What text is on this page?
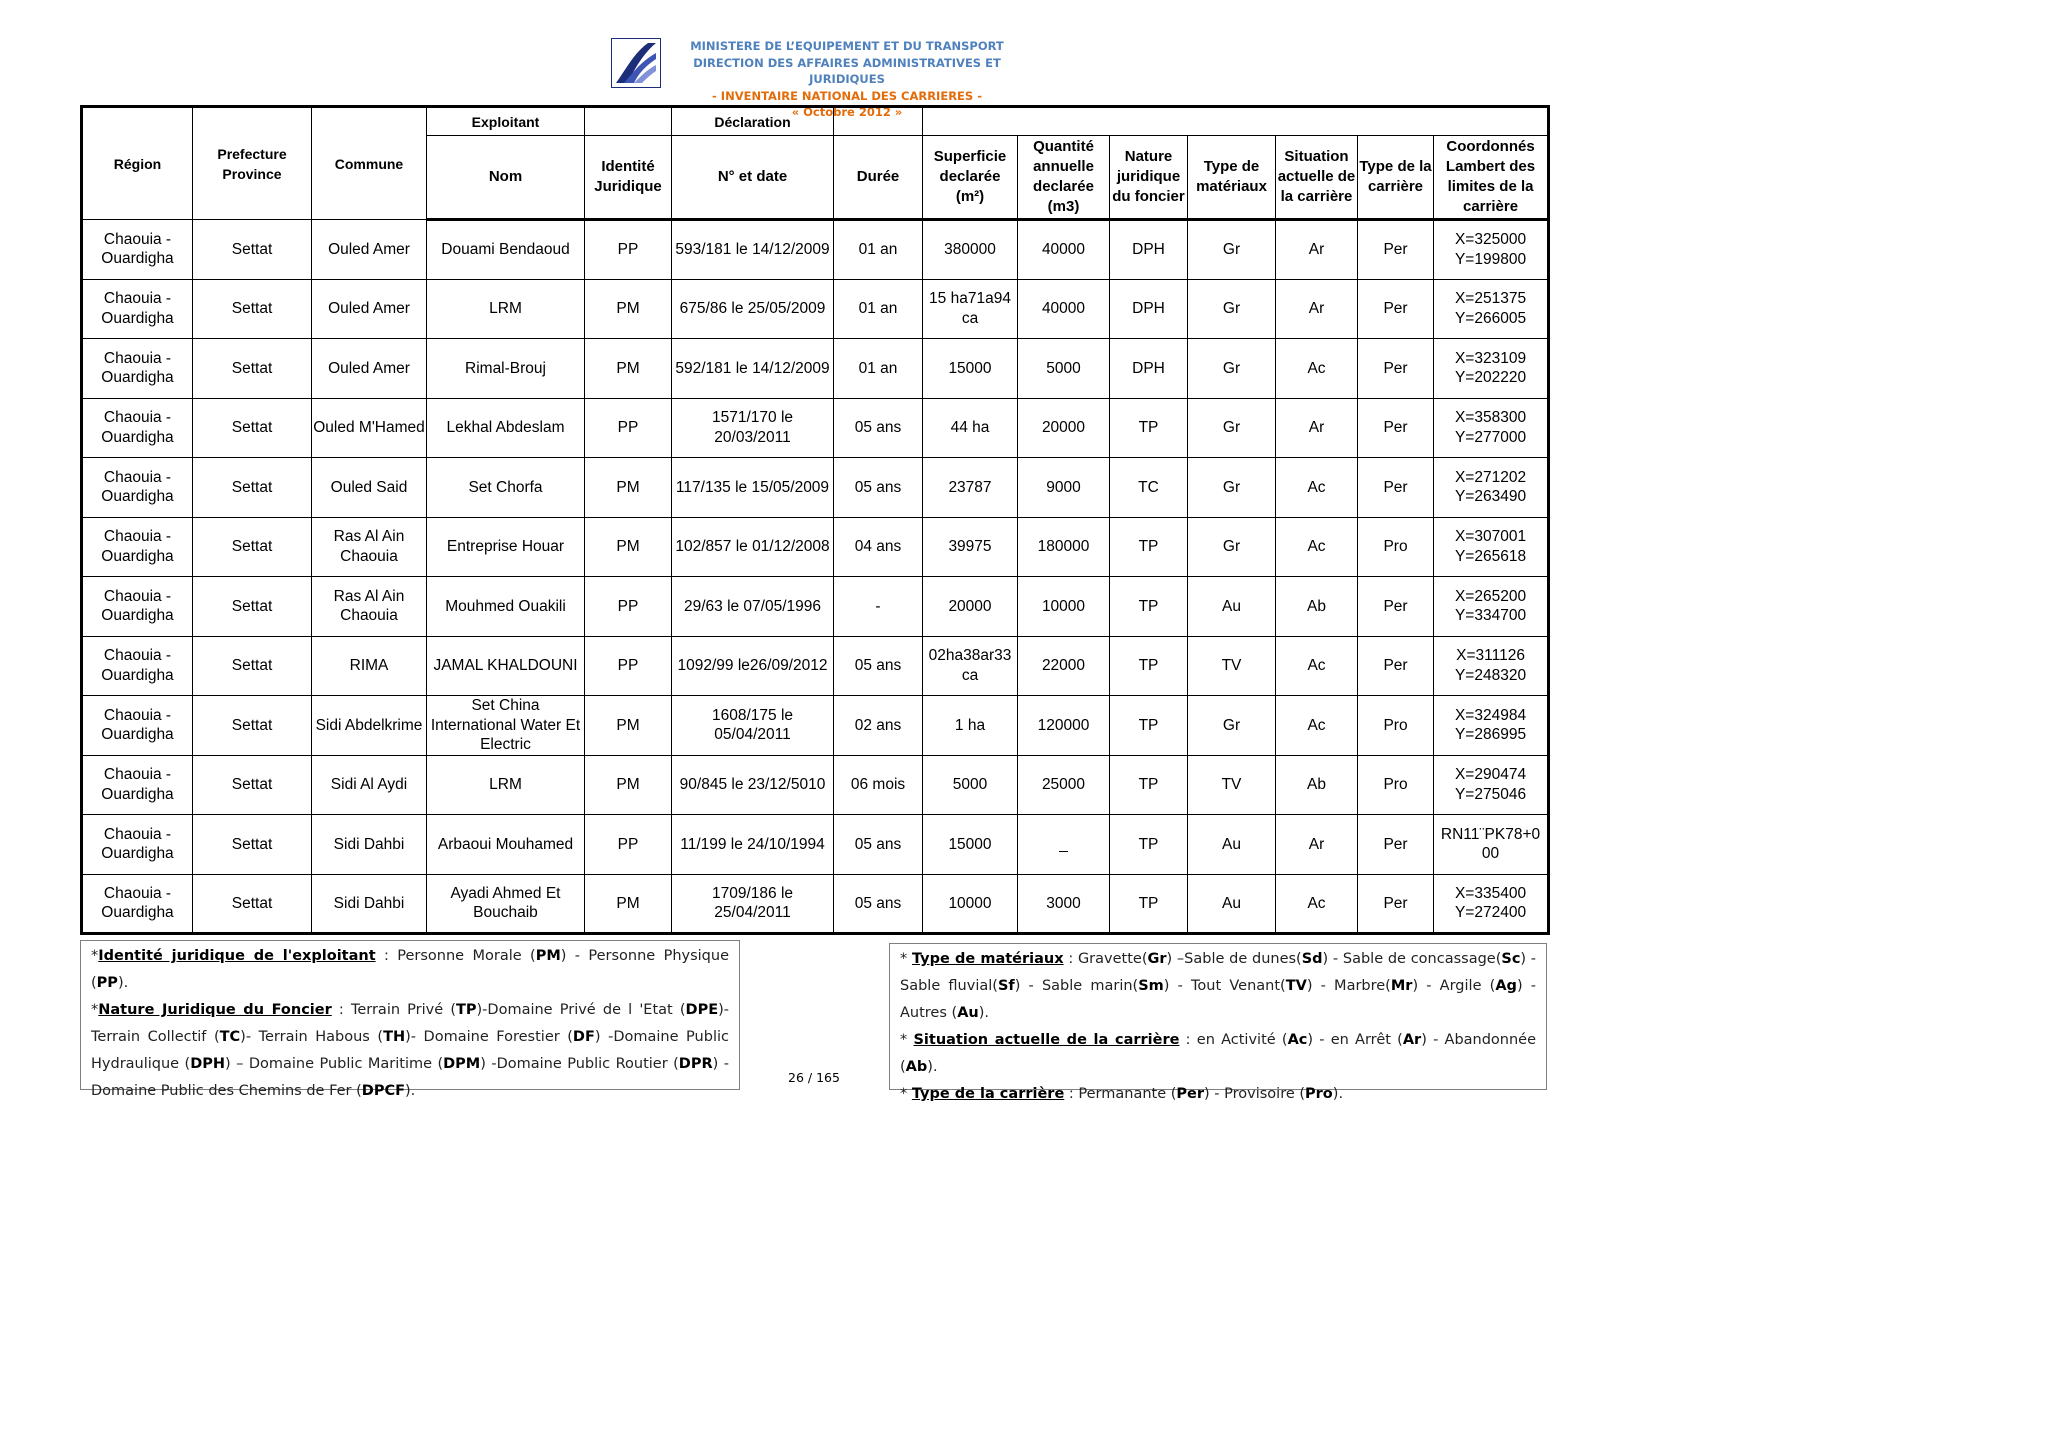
MINISTERE DE L’EQUIPEMENT ET DU TRANSPORT
DIRECTION DES AFFAIRES ADMINISTRATIVES ET JURIDIQUES
- INVENTAIRE NATIONAL DES CARRIERES -
« Octobre 2012 »
Région	Prefecture Province	Commune	Exploitant		Déclaration								
			Nom	Identité Juridique	N° et date	Durée	Superficie declarée (m²)	Quantité annuelle declarée (m3)	Nature juridique du foncier	Type de matériaux	Situation actuelle de la carrière	Type de la carrière	Coordonnés Lambert des limites de la carrière
Chaouia - Ouardigha	Settat	Ouled Amer	Douami Bendaoud	PP	593/181 le 14/12/2009	01 an	380000	40000	DPH	Gr	Ar	Per	X=325000 Y=199800
Chaouia - Ouardigha	Settat	Ouled Amer	LRM	PM	675/86 le 25/05/2009	01 an	15 ha71a94 ca	40000	DPH	Gr	Ar	Per	X=251375 Y=266005
Chaouia - Ouardigha	Settat	Ouled Amer	Rimal-Brouj	PM	592/181 le 14/12/2009	01 an	15000	5000	DPH	Gr	Ac	Per	X=323109 Y=202220
Chaouia - Ouardigha	Settat	Ouled M'Hamed	Lekhal Abdeslam	PP	1571/170 le 20/03/2011	05 ans	44 ha	20000	TP	Gr	Ar	Per	X=358300 Y=277000
Chaouia - Ouardigha	Settat	Ouled Said	Set Chorfa	PM	117/135 le 15/05/2009	05 ans	23787	9000	TC	Gr	Ac	Per	X=271202 Y=263490
Chaouia - Ouardigha	Settat	Ras Al Ain Chaouia	Entreprise Houar	PM	102/857 le 01/12/2008	04 ans	39975	180000	TP	Gr	Ac	Pro	X=307001 Y=265618
Chaouia - Ouardigha	Settat	Ras Al Ain Chaouia	Mouhmed Ouakili	PP	29/63 le 07/05/1996	-	20000	10000	TP	Au	Ab	Per	X=265200 Y=334700
Chaouia - Ouardigha	Settat	RIMA	JAMAL KHALDOUNI	PP	1092/99 le26/09/2012	05 ans	02ha38ar33 ca	22000	TP	TV	Ac	Per	X=311126 Y=248320
Chaouia - Ouardigha	Settat	Sidi Abdelkrime	Set China International Water Et Electric	PM	1608/175 le 05/04/2011	02 ans	1 ha	120000	TP	Gr	Ac	Pro	X=324984 Y=286995
Chaouia - Ouardigha	Settat	Sidi Al Aydi	LRM	PM	90/845 le 23/12/5010	06 mois	5000	25000	TP	TV	Ab	Pro	X=290474 Y=275046
Chaouia - Ouardigha	Settat	Sidi Dahbi	Arbaoui Mouhamed	PP	11/199 le 24/10/1994	05 ans	15000	_	TP	Au	Ar	Per	RN11¨PK78+0 00
Chaouia - Ouardigha	Settat	Sidi Dahbi	Ayadi Ahmed Et Bouchaib	PM	1709/186 le 25/04/2011	05 ans	10000	3000	TP	Au	Ac	Per	X=335400 Y=272400
*Identité juridique de l'exploitant : Personne Morale (PM) - Personne Physique (PP).
*Nature Juridique du Foncier : Terrain Privé (TP)-Domaine Privé de l 'Etat (DPE)- Terrain Collectif (TC)- Terrain Habous (TH)- Domaine Forestier (DF) -Domaine Public Hydraulique (DPH) – Domaine Public Maritime (DPM) -Domaine Public Routier (DPR) - Domaine Public des Chemins de Fer (DPCF).
* Type de matériaux : Gravette(Gr) –Sable de dunes(Sd) - Sable de concassage(Sc) - Sable fluvial(Sf) - Sable marin(Sm) - Tout Venant(TV) - Marbre(Mr) - Argile (Ag) - Autres (Au).
* Situation actuelle de la carrière : en Activité (Ac) - en Arrêt (Ar) - Abandonnée (Ab).
* Type de la carrière : Permanante (Per) - Provisoire (Pro).
26 / 165
